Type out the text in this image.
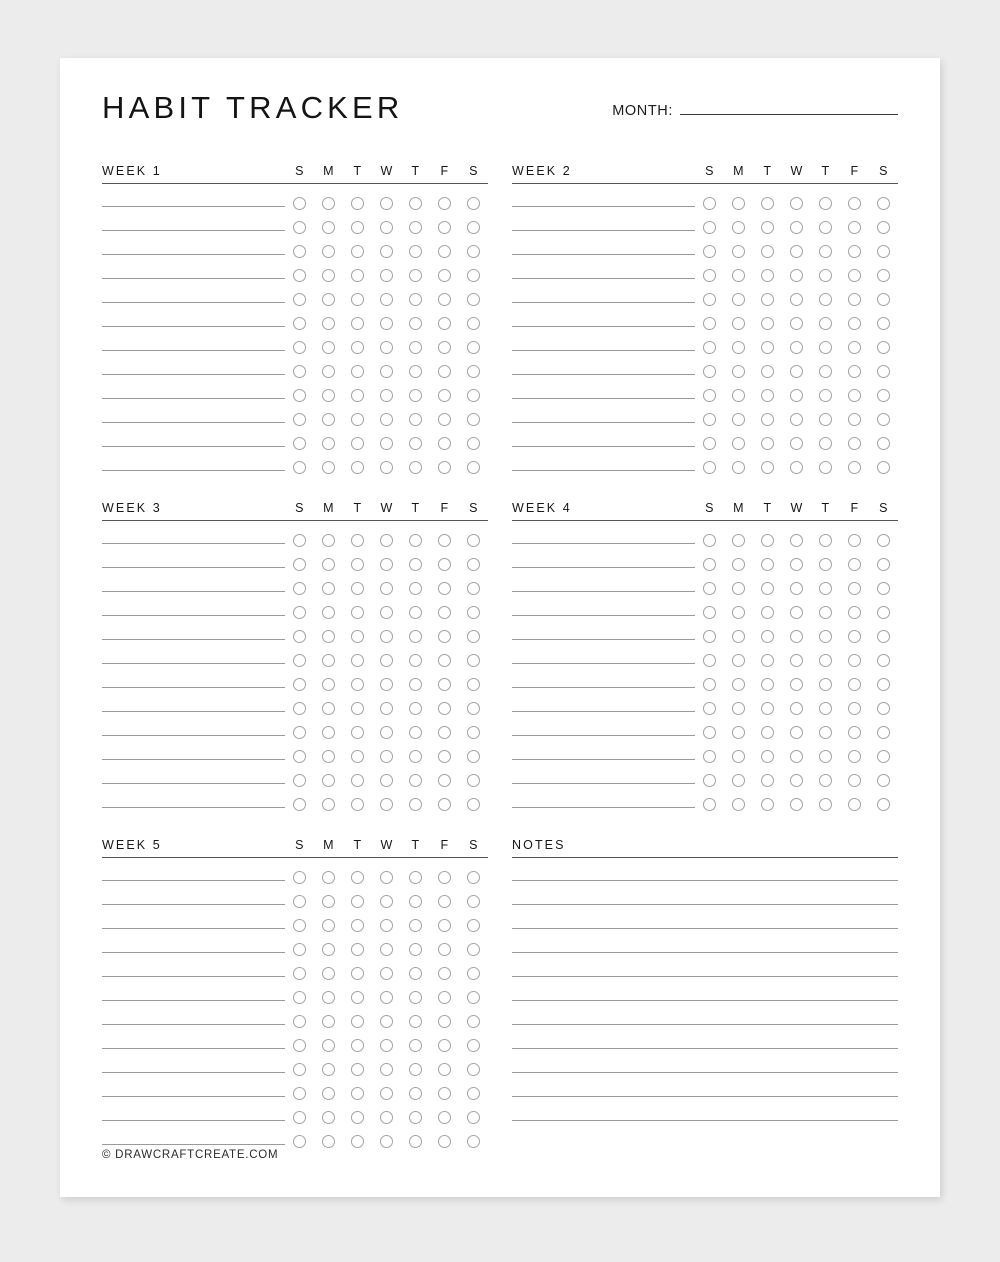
HABIT TRACKER	MONTH:
WEEK 1	S	M	T	W	T	F	S	WEEK 2	S	M	T	W	T	F	S
WEEK 3	S	M	T	W	T	F	S	WEEK 4	S	M	T	W	T	F	S
WEEK 5	S	M	T	W	T	F	S	NOTES
© DRAWCRAFTCREATE.COM
